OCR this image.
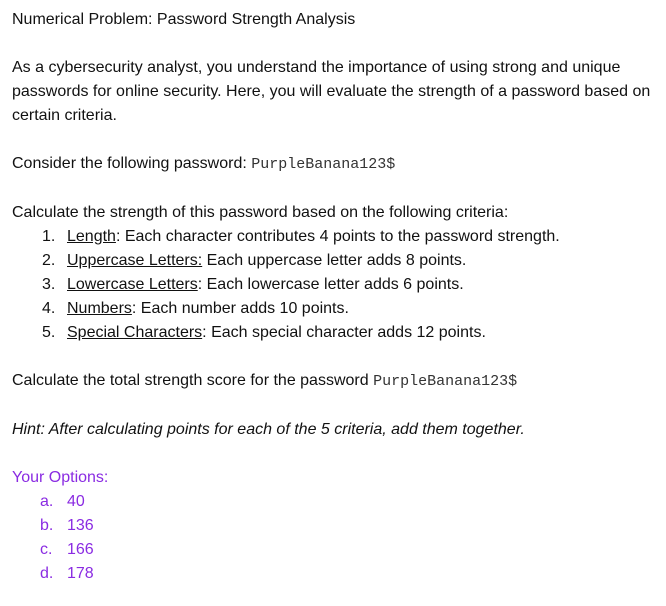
Numerical Problem: Password Strength Analysis

As a cybersecurity analyst, you understand the importance of using strong and unique passwords for online security. Here, you will evaluate the strength of a password based on certain criteria.

Consider the following password: PurpleBanana123$

Calculate the strength of this password based on the following criteria:

1. Length: Each character contributes 4 points to the password strength.
2. Uppercase Letters: Each uppercase letter adds 8 points.
3. Lowercase Letters: Each lowercase letter adds 6 points.
4. Numbers: Each number adds 10 points.
5. Special Characters: Each special character adds 12 points.

Calculate the total strength score for the password PurpleBanana123$

Hint: After calculating points for each of the 5 criteria, add them together.

Your Options:

a. 40
b. 136
c. 166
d. 178
